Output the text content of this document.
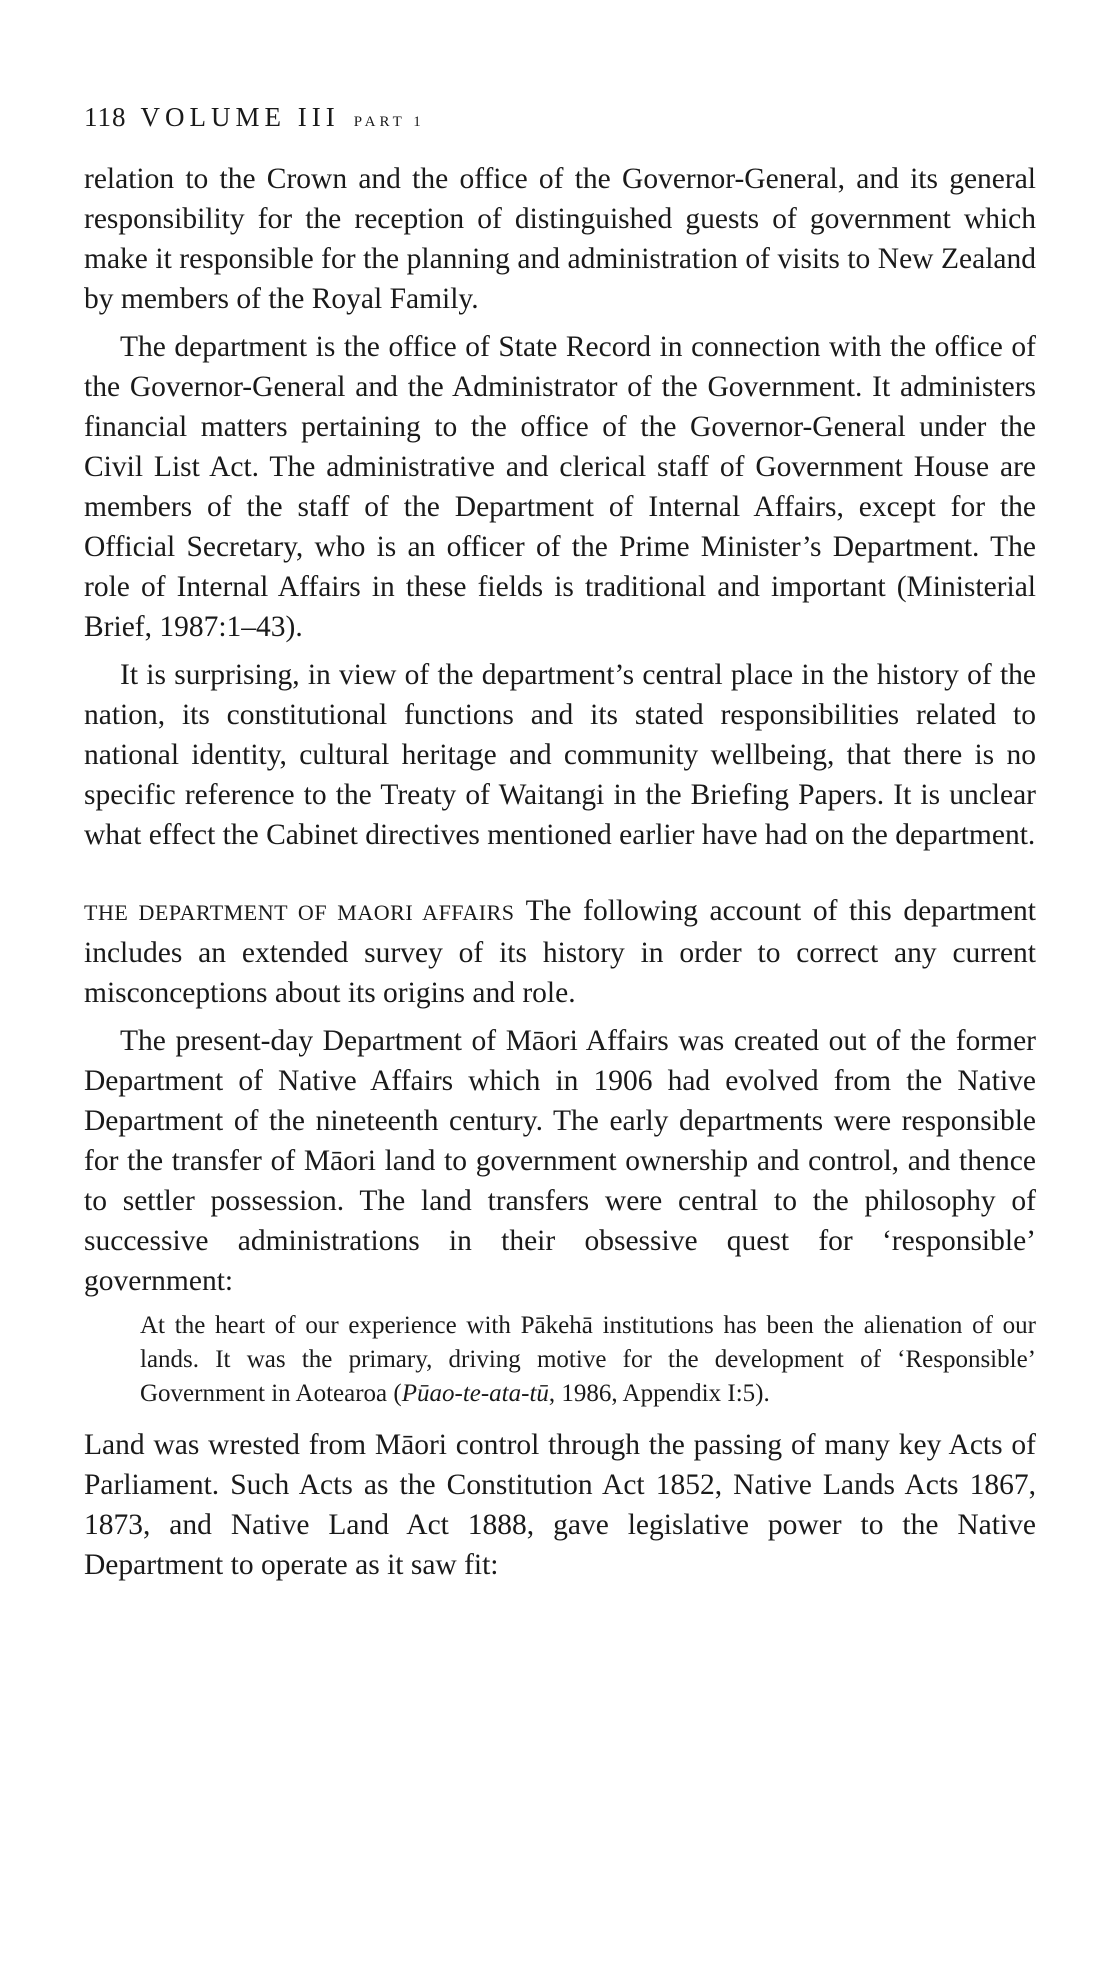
118 VOLUME III PART 1

relation to the Crown and the office of the Governor-General, and its general responsibility for the reception of distinguished guests of government which make it responsible for the planning and administration of visits to New Zealand by members of the Royal Family.

The department is the office of State Record in connection with the office of the Governor-General and the Administrator of the Government. It administers financial matters pertaining to the office of the Governor-General under the Civil List Act. The administrative and clerical staff of Government House are members of the staff of the Department of Internal Affairs, except for the Official Secretary, who is an officer of the Prime Minister’s Department. The role of Internal Affairs in these fields is traditional and important (Ministerial Brief, 1987:1–43).

It is surprising, in view of the department’s central place in the history of the nation, its constitutional functions and its stated responsibilities related to national identity, cultural heritage and community wellbeing, that there is no specific reference to the Treaty of Waitangi in the Briefing Papers. It is unclear what effect the Cabinet directives mentioned earlier have had on the department.

THE DEPARTMENT OF MAORI AFFAIRS The following account of this department includes an extended survey of its history in order to correct any current misconceptions about its origins and role.

The present-day Department of Māori Affairs was created out of the former Department of Native Affairs which in 1906 had evolved from the Native Department of the nineteenth century. The early departments were responsible for the transfer of Māori land to government ownership and control, and thence to settler possession. The land transfers were central to the philosophy of successive administrations in their obsessive quest for ‘responsible’ government:

At the heart of our experience with Pākehā institutions has been the alienation of our lands. It was the primary, driving motive for the development of ‘Responsible’ Government in Aotearoa (Pūao-te-ata-tū, 1986, Appendix I:5).

Land was wrested from Māori control through the passing of many key Acts of Parliament. Such Acts as the Constitution Act 1852, Native Lands Acts 1867, 1873, and Native Land Act 1888, gave legislative power to the Native Department to operate as it saw fit:
